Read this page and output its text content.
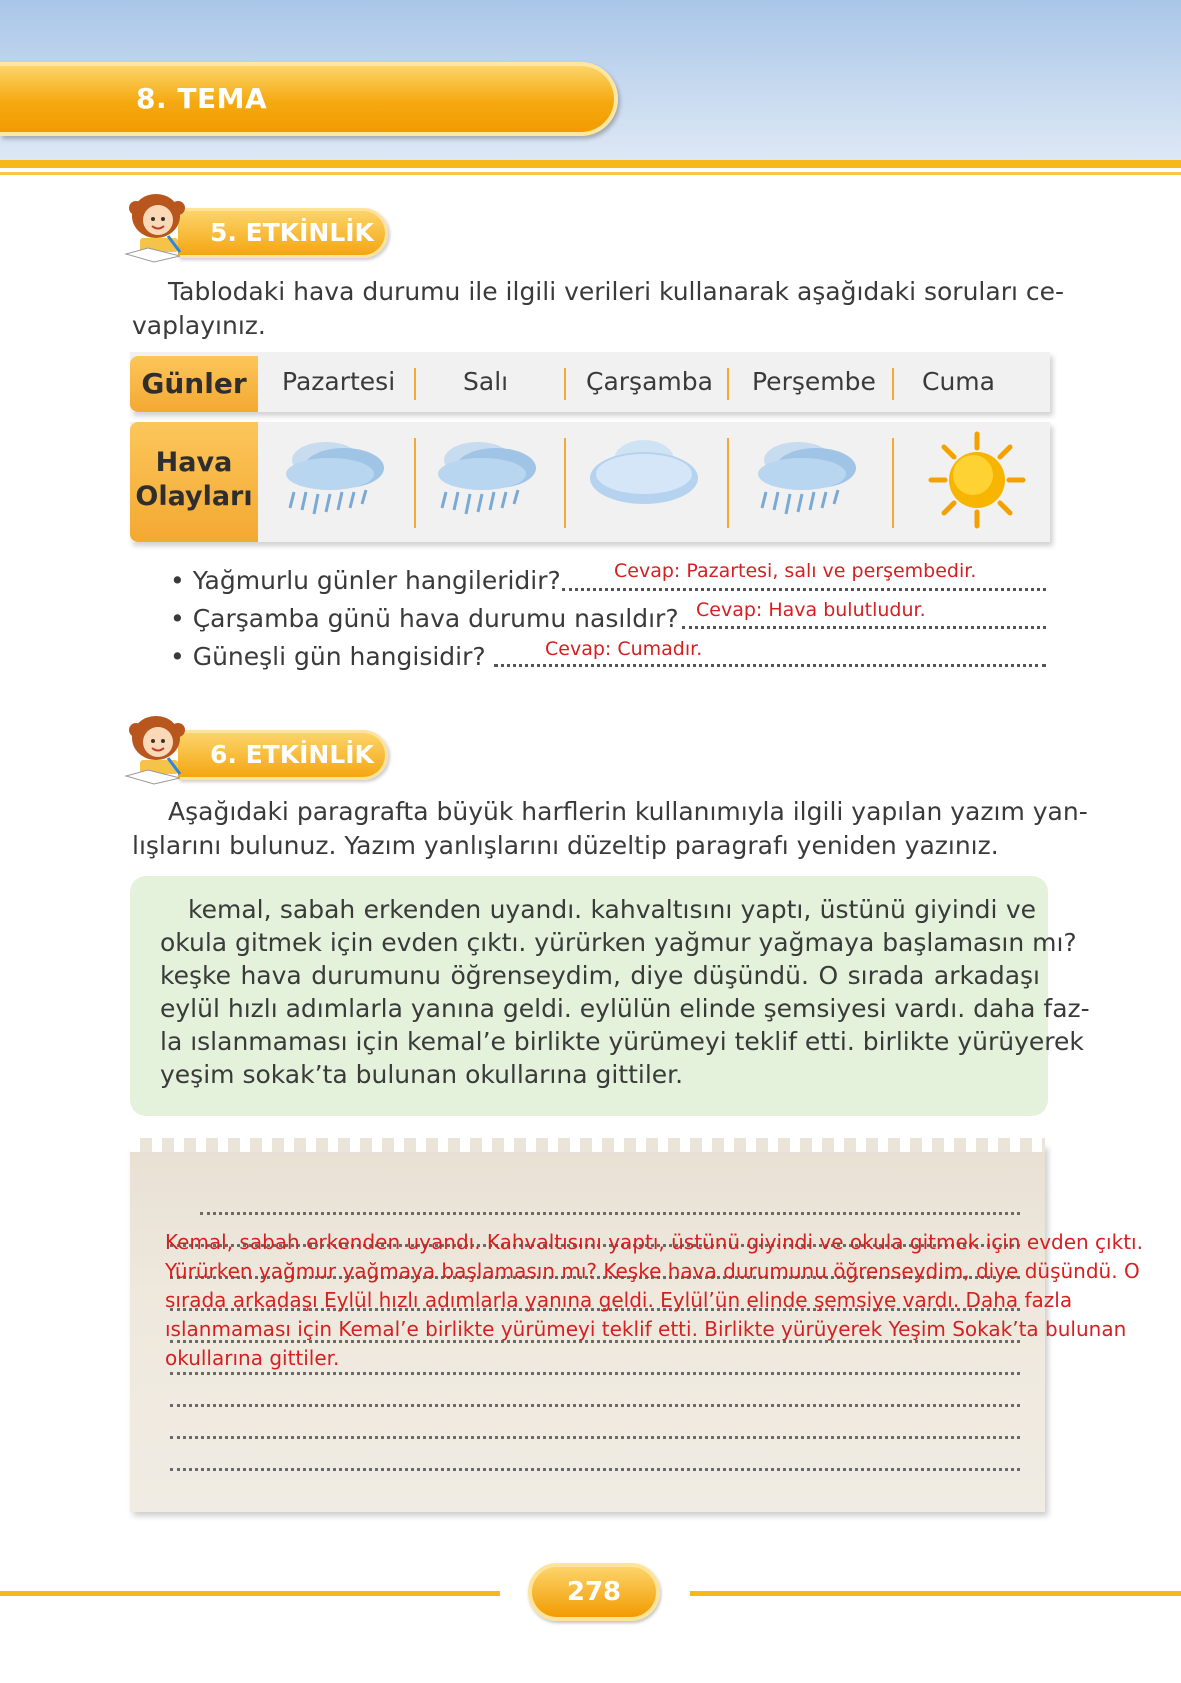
8. TEMA
5. ETKİNLİK
Tablodaki hava durumu ile ilgili verileri kullanarak aşağıdaki soruları ce-
vaplayınız.
Günler
Hava
Olayları
Pazartesi	Salı	Çarşamba Perşembe Cuma
• Yağmurlu günler hangileridir?	Cevap: Pazartesi, salı ve perşembedir.
• Çarşamba günü hava durumu nasıldır? Cevap: Hava bulutludur.
• Güneşli gün hangisidir?	Cevap: Cumadır.
6. ETKİNLİK
Aşağıdaki paragrafta büyük harflerin kullanımıyla ilgili yapılan yazım yan-
lışlarını bulunuz. Yazım yanlışlarını düzeltip paragrafı yeniden yazınız.
kemal, sabah erkenden uyandı. kahvaltısını yaptı, üstünü giyindi ve
okula gitmek için evden çıktı. yürürken yağmur yağmaya başlamasın mı?
keşke hava durumunu öğrenseydim, diye düşündü. O sırada arkadaşı
eylül hızlı adımlarla yanına geldi. eylülün elinde şemsiyesi vardı. daha faz-
la ıslanmaması için kemal’e birlikte yürümeyi teklif etti. birlikte yürüyerek
yeşim sokak’ta bulunan okullarına gittiler.
Kemal, sabah erkenden uyandı. Kahvaltısını yaptı, üstünü giyindi ve okula gitmek için evden çıktı.
Yürürken yağmur yağmaya başlamasın mı? Keşke hava durumunu öğrenseydim, diye düşündü. O
sırada arkadaşı Eylül hızlı adımlarla yanına geldi. Eylül’ün elinde şemsiye vardı. Daha fazla
ıslanmaması için Kemal’e birlikte yürümeyi teklif etti. Birlikte yürüyerek Yeşim Sokak’ta bulunan
okullarına gittiler.
278
